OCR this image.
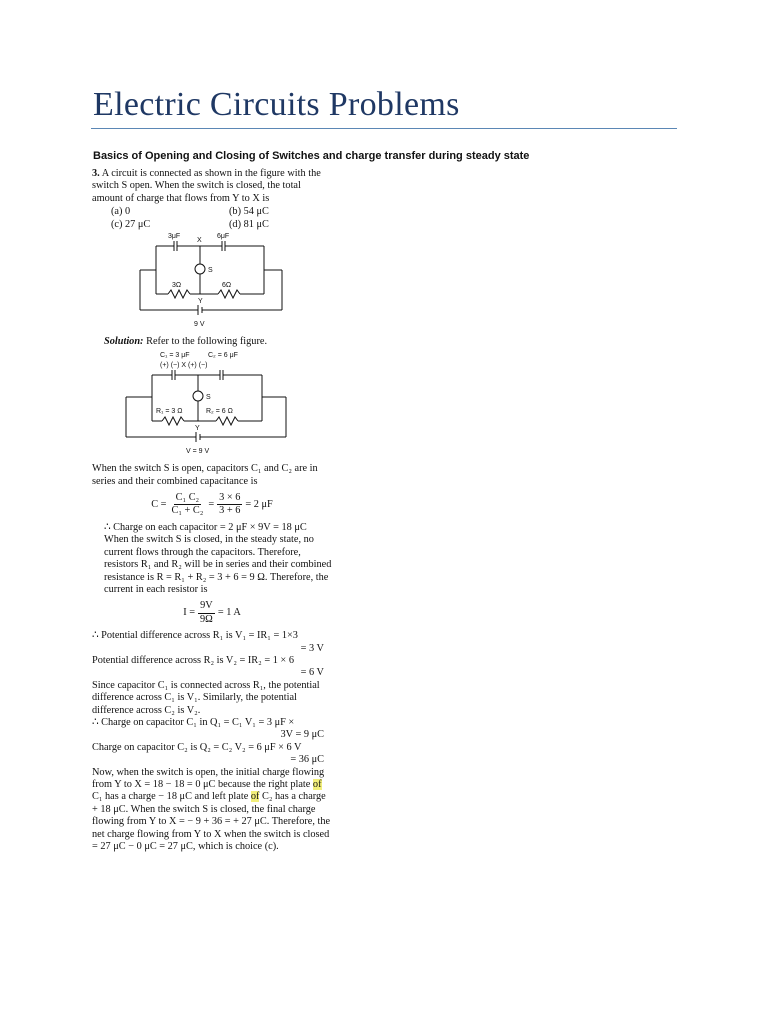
Electric Circuits Problems
Basics of Opening and Closing of Switches and charge transfer during steady state

3. A circuit is connected as shown in the figure with the switch S open. When the switch is closed, the total amount of charge that flows from Y to X is

(a) 0	(b) 54 μC
(c) 27 μC	(d) 81 μC
3μF	6μF
X
S
3Ω	6Ω
Y
9 V

Solution: Refer to the following figure.

C₁ = 3 μF	C₂ = 6 μF
(+) (−) X (+) (−)
S
R₁ = 3 Ω	R₂ = 6 Ω
Y
V = 9 V

When the switch S is open, capacitors C₁ and C₂ are in series and their combined capacitance is

$C = \frac{\text{C₁ C₂}}{\text{C₁ + C₂}} = \frac{3 \times 6}{3 + 6} = 2$ μF

∴ Charge on each capacitor = 2 μF × 9V = 18 μC

When the switch S is closed, in the steady state, no current flows through the capacitors. Therefore, resistors R₁ and R₂ will be in series and their combined resistance is R = R₁ + R₂ = 3 + 6 = 9 Ω. Therefore, the current in each resistor is

$I = \frac{9V}{9\Omega} = 1$ A

∴ Potential difference across R₁ is V₁ = IR₁ = 1×3

= 3 V

Potential difference across R₂ is V₂ = IR₂ = 1 × 6

= 6 V

Since capacitor C₁ is connected across R₁, the potential difference across C₁ is V₁. Similarly, the potential difference across C₂ is V₂.

∴ Charge on capacitor C₁ in Q₁ = C₁ V₁ = 3 μF ×

3V = 9 μC

Charge on capacitor C₂ is Q₂ = C₂ V₂ = 6 μF × 6 V

= 36 μC

Now, when the switch is open, the initial charge flowing from Y to X = 18 − 18 = 0 μC because the right plate of C₁ has a charge − 18 μC and left plate of C₂ has a charge + 18 μC. When the switch S is closed, the final charge flowing from Y to X = − 9 + 36 = + 27 μC. Therefore, the net charge flowing from Y to X when the switch is closed = 27 μC − 0 μC = 27 μC, which is choice (c).
